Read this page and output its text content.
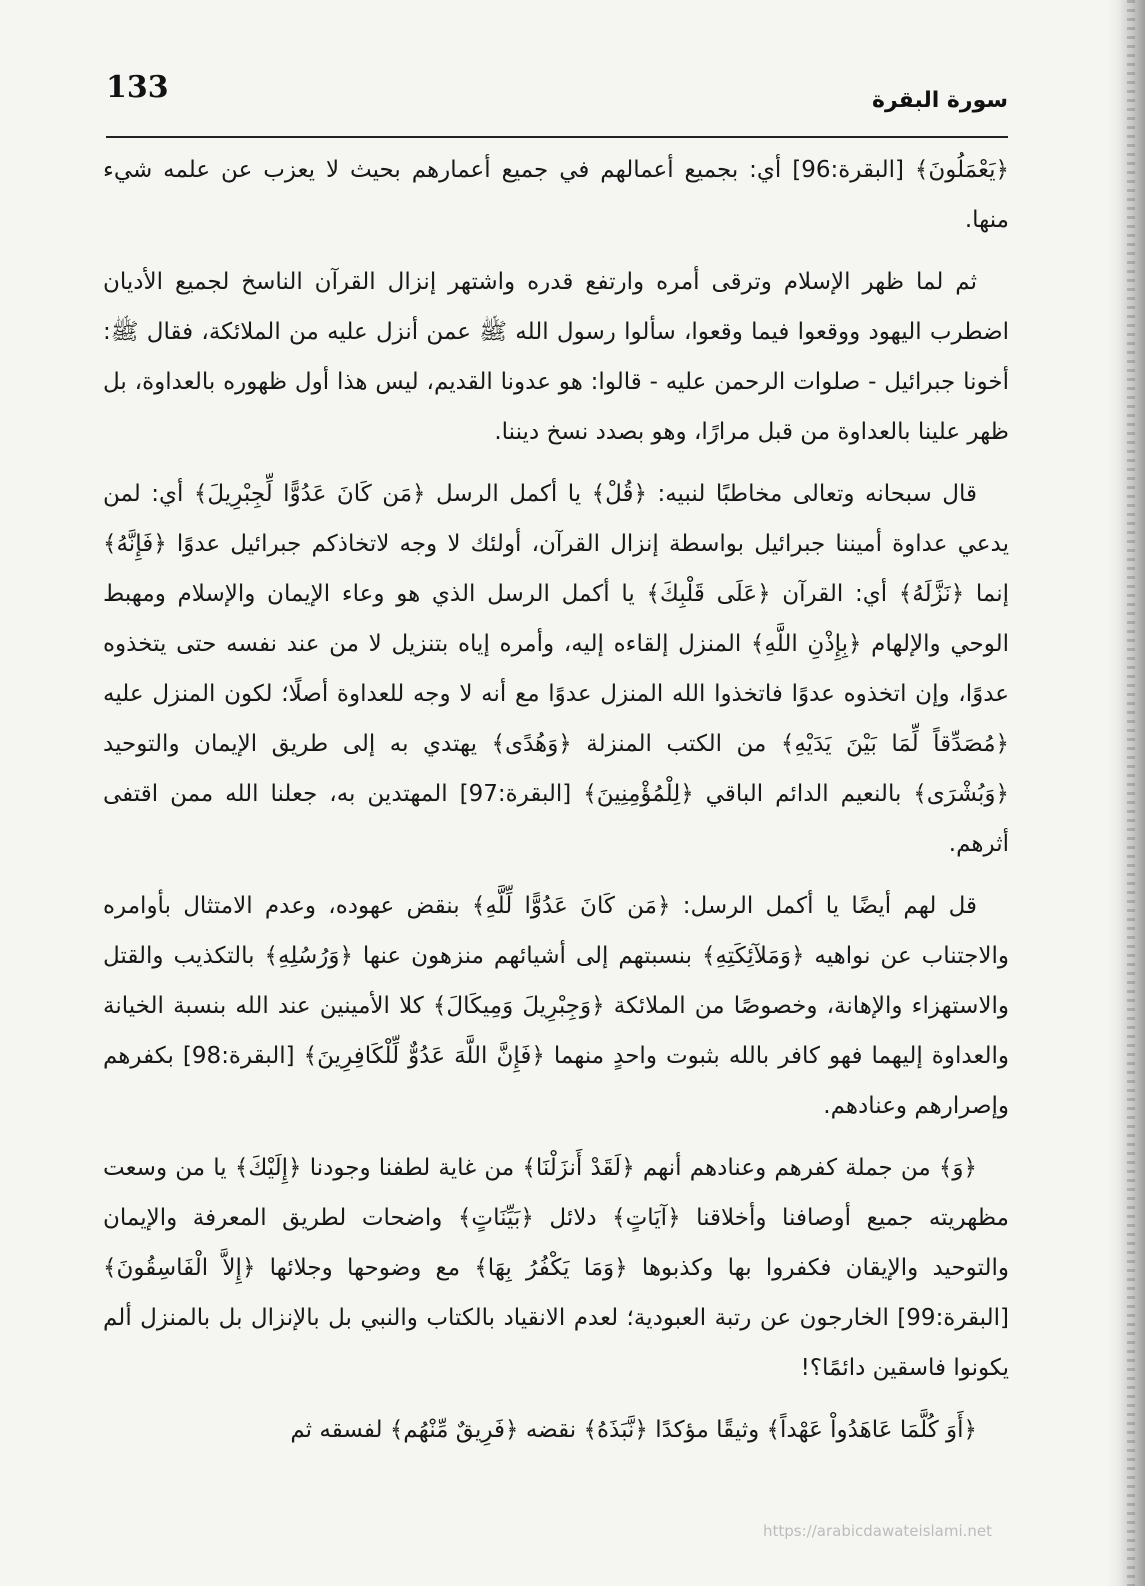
133	سورة البقرة

﴿يَعْمَلُونَ﴾ [البقرة:96] أي: بجميع أعمالهم في جميع أعمارهم بحيث لا يعزب عن علمه شيء منها.

ثم لما ظهر الإسلام وترقى أمره وارتفع قدره واشتهر إنزال القرآن الناسخ لجميع الأديان اضطرب اليهود ووقعوا فيما وقعوا، سألوا رسول الله ﷺ عمن أنزل عليه من الملائكة، فقال ﷺ: أخونا جبرائيل - صلوات الرحمن عليه - قالوا: هو عدونا القديم، ليس هذا أول ظهوره بالعداوة، بل ظهر علينا بالعداوة من قبل مرارًا، وهو بصدد نسخ ديننا.

قال سبحانه وتعالى مخاطبًا لنبيه: ﴿قُلْ﴾ يا أكمل الرسل ﴿مَن كَانَ عَدُوًّا لِّجِبْرِيلَ﴾ أي: لمن يدعي عداوة أميننا جبرائيل بواسطة إنزال القرآن، أولئك لا وجه لاتخاذكم جبرائيل عدوًا ﴿فَإِنَّهُ﴾ إنما ﴿نَزَّلَهُ﴾ أي: القرآن ﴿عَلَى قَلْبِكَ﴾ يا أكمل الرسل الذي هو وعاء الإيمان والإسلام ومهبط الوحي والإلهام ﴿بِإِذْنِ اللَّهِ﴾ المنزل إلقاءه إليه، وأمره إياه بتنزيل لا من عند نفسه حتى يتخذوه عدوًا، وإن اتخذوه عدوًا فاتخذوا الله المنزل عدوًا مع أنه لا وجه للعداوة أصلًا؛ لكون المنزل عليه ﴿مُصَدِّقاً لِّمَا بَيْنَ يَدَيْهِ﴾ من الكتب المنزلة ﴿وَهُدًى﴾ يهتدي به إلى طريق الإيمان والتوحيد ﴿وَبُشْرَى﴾ بالنعيم الدائم الباقي ﴿لِلْمُؤْمِنِينَ﴾ [البقرة:97] المهتدين به، جعلنا الله ممن اقتفى أثرهم.

قل لهم أيضًا يا أكمل الرسل: ﴿مَن كَانَ عَدُوًّا لِّلَّهِ﴾ بنقض عهوده، وعدم الامتثال بأوامره والاجتناب عن نواهيه ﴿وَمَلآئِكَتِهِ﴾ بنسبتهم إلى أشيائهم منزهون عنها ﴿وَرُسُلِهِ﴾ بالتكذيب والقتل والاستهزاء والإهانة، وخصوصًا من الملائكة ﴿وَجِبْرِيلَ وَمِيكَالَ﴾ كلا الأمينين عند الله بنسبة الخيانة والعداوة إليهما فهو كافر بالله بثبوت واحدٍ منهما ﴿فَإِنَّ اللَّهَ عَدُوٌّ لِّلْكَافِرِينَ﴾ [البقرة:98] بكفرهم وإصرارهم وعنادهم.

﴿وَ﴾ من جملة كفرهم وعنادهم أنهم ﴿لَقَدْ أَنزَلْنَا﴾ من غاية لطفنا وجودنا ﴿إِلَيْكَ﴾ يا من وسعت مظهريته جميع أوصافنا وأخلاقنا ﴿آيَاتٍ﴾ دلائل ﴿بَيِّنَاتٍ﴾ واضحات لطريق المعرفة والإيمان والتوحيد والإيقان فكفروا بها وكذبوها ﴿وَمَا يَكْفُرُ بِهَا﴾ مع وضوحها وجلائها ﴿إِلاَّ الْفَاسِقُونَ﴾ [البقرة:99] الخارجون عن رتبة العبودية؛ لعدم الانقياد بالكتاب والنبي بل بالإنزال بل بالمنزل ألم يكونوا فاسقين دائمًا؟!

﴿أَوَ كُلَّمَا عَاهَدُواْ عَهْداً﴾ وثيقًا مؤكدًا ﴿نَّبَذَهُ﴾ نقضه ﴿فَرِيقٌ مِّنْهُم﴾ لفسقه ثم

https://arabicdawateislami.net
